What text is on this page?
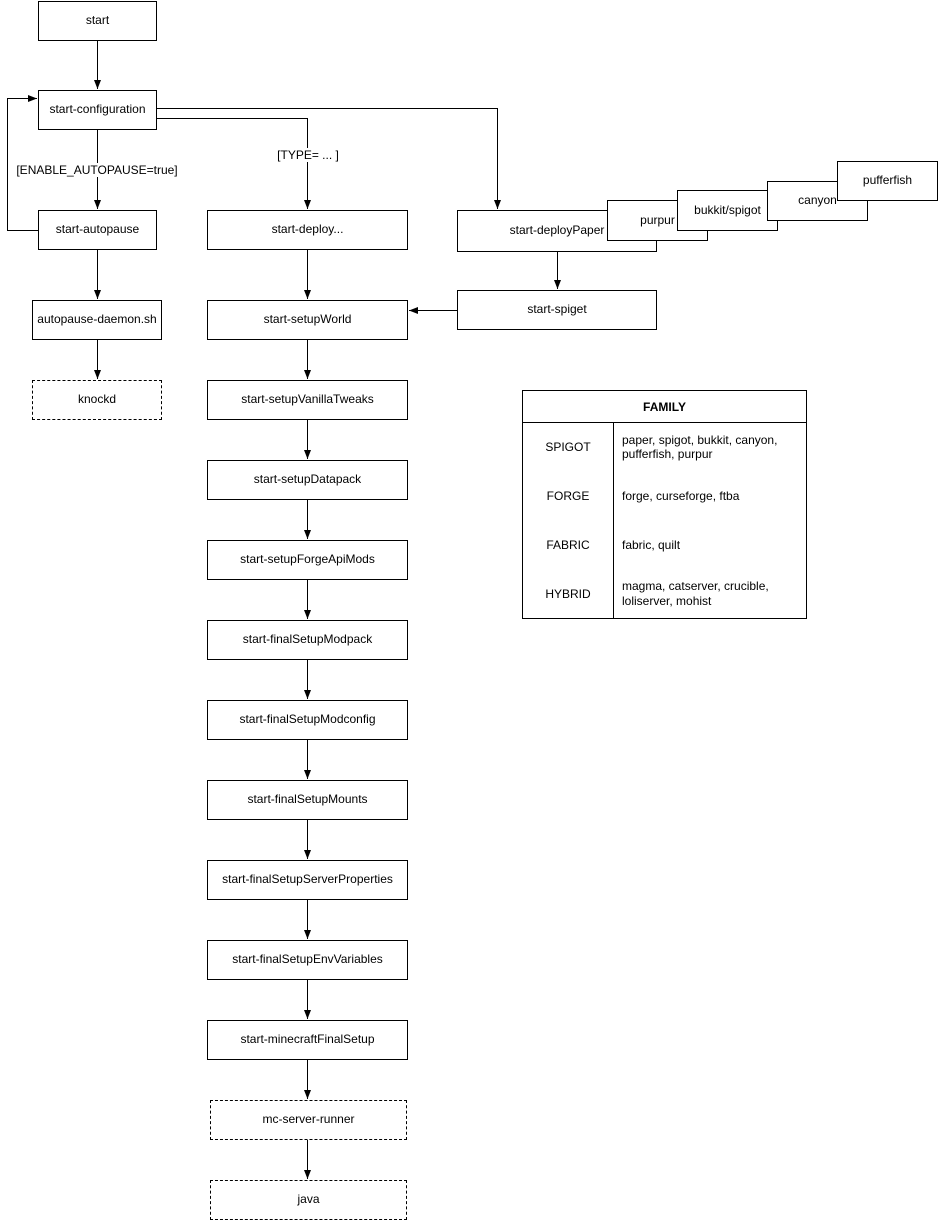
start
start-configuration
start-autopause
autopause-daemon.sh
knockd
start-deploy...
start-setupWorld
start-setupVanillaTweaks
start-setupDatapack
start-setupForgeApiMods
start-finalSetupModpack
start-finalSetupModconfig
start-finalSetupMounts
start-finalSetupServerProperties
start-finalSetupEnvVariables
start-minecraftFinalSetup
mc-server-runner
java
start-deployPaper
purpur
bukkit/spigot
canyon
pufferfish
start-spiget
[ENABLE_AUTOPAUSE=true]
[TYPE= ... ]
FAMILY
SPIGOT
paper, spigot, bukkit, canyon, pufferfish, purpur
FORGE	forge, curseforge, ftba
FABRIC	fabric, quilt
HYBRID
magma, catserver, crucible, loliserver, mohist
